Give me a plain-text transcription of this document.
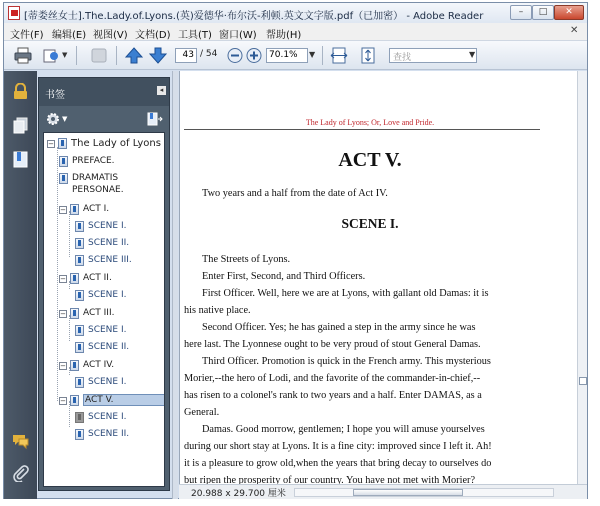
[蒂娄丝女士].The.Lady.of.Lyons.(英)爱德华·布尔沃-利顿.英文文字版.pdf（已加密） - Adobe Reader	–	□	✕
文件(F) 编辑(E) 视图(V) 文档(D) 工具(T) 窗口(W) 帮助(H)	✕
▼	43 / 54	70.1%	▼	查找	▼
书签	◂
▼
− The Lady of Lyons
PREFACE.
DRAMATIS
PERSONAE.
− ACT I.
SCENE I.
SCENE II.
SCENE III.
− ACT II.
SCENE I.
− ACT III.
SCENE I.
SCENE II.
− ACT IV.
SCENE I.
− ACT V.
SCENE I.
SCENE II.
The Lady of Lyons; Or, Love and Pride.
ACT V.
Two years and a half from the date of Act IV.
SCENE I.
The Streets of Lyons.
Enter First, Second, and Third Officers.
First Officer. Well, here we are at Lyons, with gallant old Damas: it is
his native place.
Second Officer. Yes; he has gained a step in the army since he was
here last. The Lyonnese ought to be very proud of stout General Damas.
Third Officer. Promotion is quick in the French army. This mysterious
Morier,--the hero of Lodi, and the favorite of the commander-in-chief,--
has risen to a colonel's rank to two years and a half. Enter DAMAS, as a
General.
Damas. Good morrow, gentlemen; I hope you will amuse yourselves
during our short stay at Lyons. It is a fine city: improved since I left it. Ah!
it is a pleasure to grow old,when the years that bring decay to ourselves do
but ripen the prosperity of our country. You have not met with Morier?
20.988 x 29.700 厘米
